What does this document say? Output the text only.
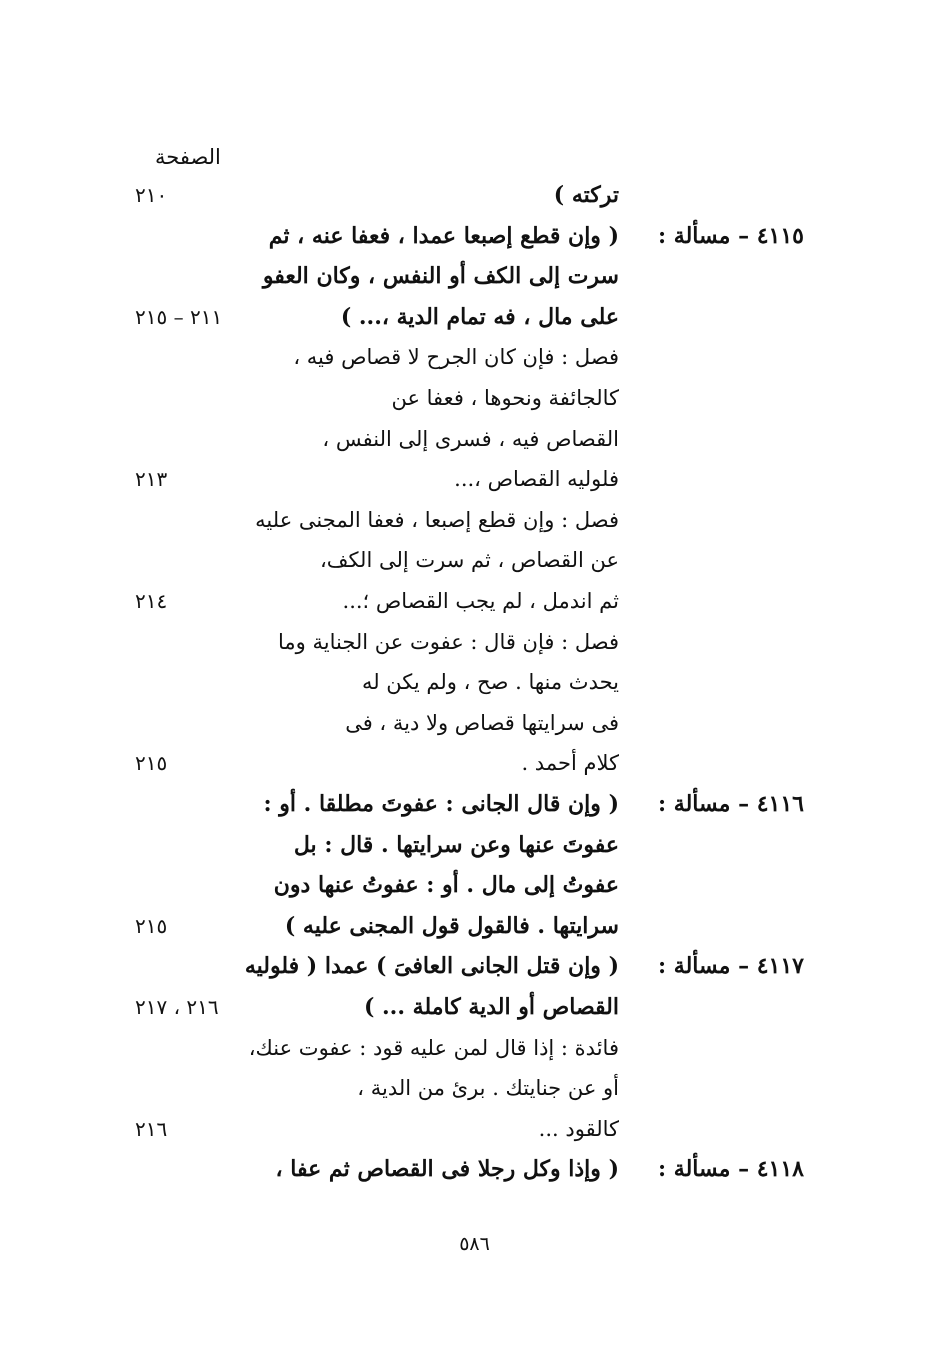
الصفحة
تركته )
٢١٠
٤١١٥ – مسألة :
( وإن قطع إصبعا عمدا ، فعفا عنه ، ثم
سرت إلى الكف أو النفس ، وكان العفو
على مال ، فه تمام الدية ،... )
٢١١ – ٢١٥
فصل : فإن كان الجرح لا قصاص فيه ،
كالجائفة ونحوها ، فعفا عن
القصاص فيه ، فسرى إلى النفس ،
فلوليه القصاص ،...
٢١٣
فصل : وإن قطع إصبعا ، فعفا المجنى عليه
عن القصاص ، ثم سرت إلى الكف،
ثم اندمل ، لم يجب القصاص ؛...
٢١٤
فصل : فإن قال : عفوت عن الجناية وما
يحدث منها . صح ، ولم يكن له
فى سرايتها قصاص ولا دية ، فى
كلام أحمد .
٢١٥
٤١١٦ – مسألة :
( وإن قال الجانى : عفوتَ مطلقا . أو :
عفوتَ عنها وعن سرايتها . قال : بل
عفوتُ إلى مال . أو : عفوتُ عنها دون
سرايتها . فالقول قول المجنى عليه )
٢١٥
٤١١٧ – مسألة :
( وإن قتل الجانى العافىَ ) عمدا ( فلوليه
القصاص أو الدية كاملة ... )
٢١٦ ، ٢١٧
فائدة : إذا قال لمن عليه قود : عفوت عنك،
أو عن جنايتك . برئ من الدية ،
كالقود ...
٢١٦
٤١١٨ – مسألة :
( وإذا وكل رجلا فى القصاص ثم عفا ،
٥٨٦
